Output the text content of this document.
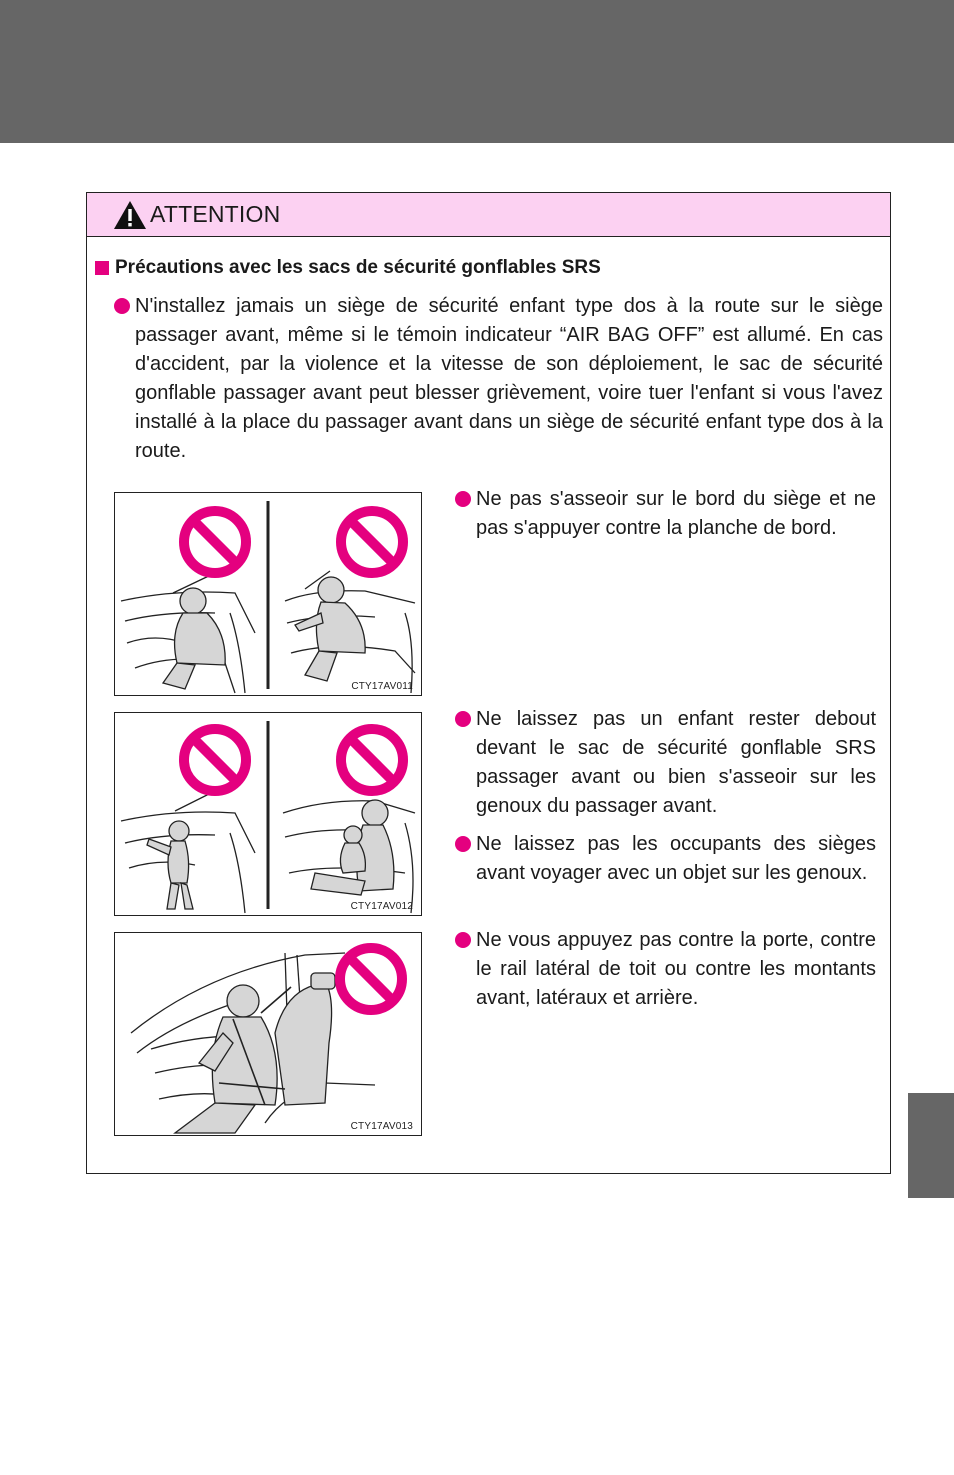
ATTENTION
Précautions avec les sacs de sécurité gonflables SRS
N'installez jamais un siège de sécurité enfant type dos à la route sur le siège passager avant, même si le témoin indicateur “AIR BAG OFF” est allumé. En cas d'accident, par la violence et la vitesse de son déploiement, le sac de sécurité gonflable passager avant peut blesser grièvement, voire tuer l'enfant si vous l'avez installé à la place du passager avant dans un siège de sécurité enfant type dos à la route.
CTY17AV011
Ne pas s'asseoir sur le bord du siège et ne pas s'appuyer contre la planche de bord.
CTY17AV012
Ne laissez pas un enfant rester debout devant le sac de sécurité gonflable SRS passager avant ou bien s'asseoir sur les genoux du passager avant.
Ne laissez pas les occupants des sièges avant voyager avec un objet sur les genoux.
CTY17AV013
Ne vous appuyez pas contre la porte, contre le rail latéral de toit ou contre les montants avant, latéraux et arrière.
